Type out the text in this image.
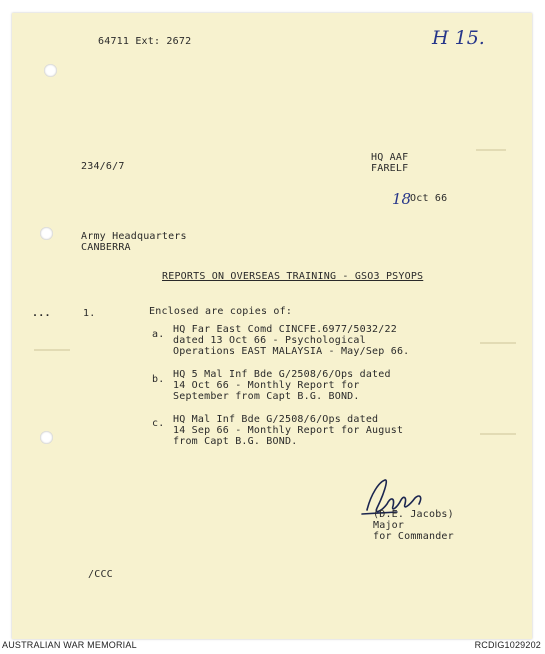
64711 Ext: 2672	H 15.
234/6/7
HQ AAF
FARELF
18
Oct 66
Army Headquarters
CANBERRA
REPORTS ON OVERSEAS TRAINING - GSO3 PSYOPS
...	1.	Enclosed are copies of:
a. HQ Far East Comd CINCFE.6977/5032/22
dated 13 Oct 66 - Psychological
Operations EAST MALAYSIA - May/Sep 66.
b. HQ 5 Mal Inf Bde G/2508/6/Ops dated
14 Oct 66 - Monthly Report for
September from Capt B.G. BOND.
c. HQ Mal Inf Bde G/2508/6/Ops dated
14 Sep 66 - Monthly Report for August
from Capt B.G. BOND.
(D.E. Jacobs)
Major
for Commander
/CCC
AUSTRALIAN WAR MEMORIAL	RCDIG1029202
